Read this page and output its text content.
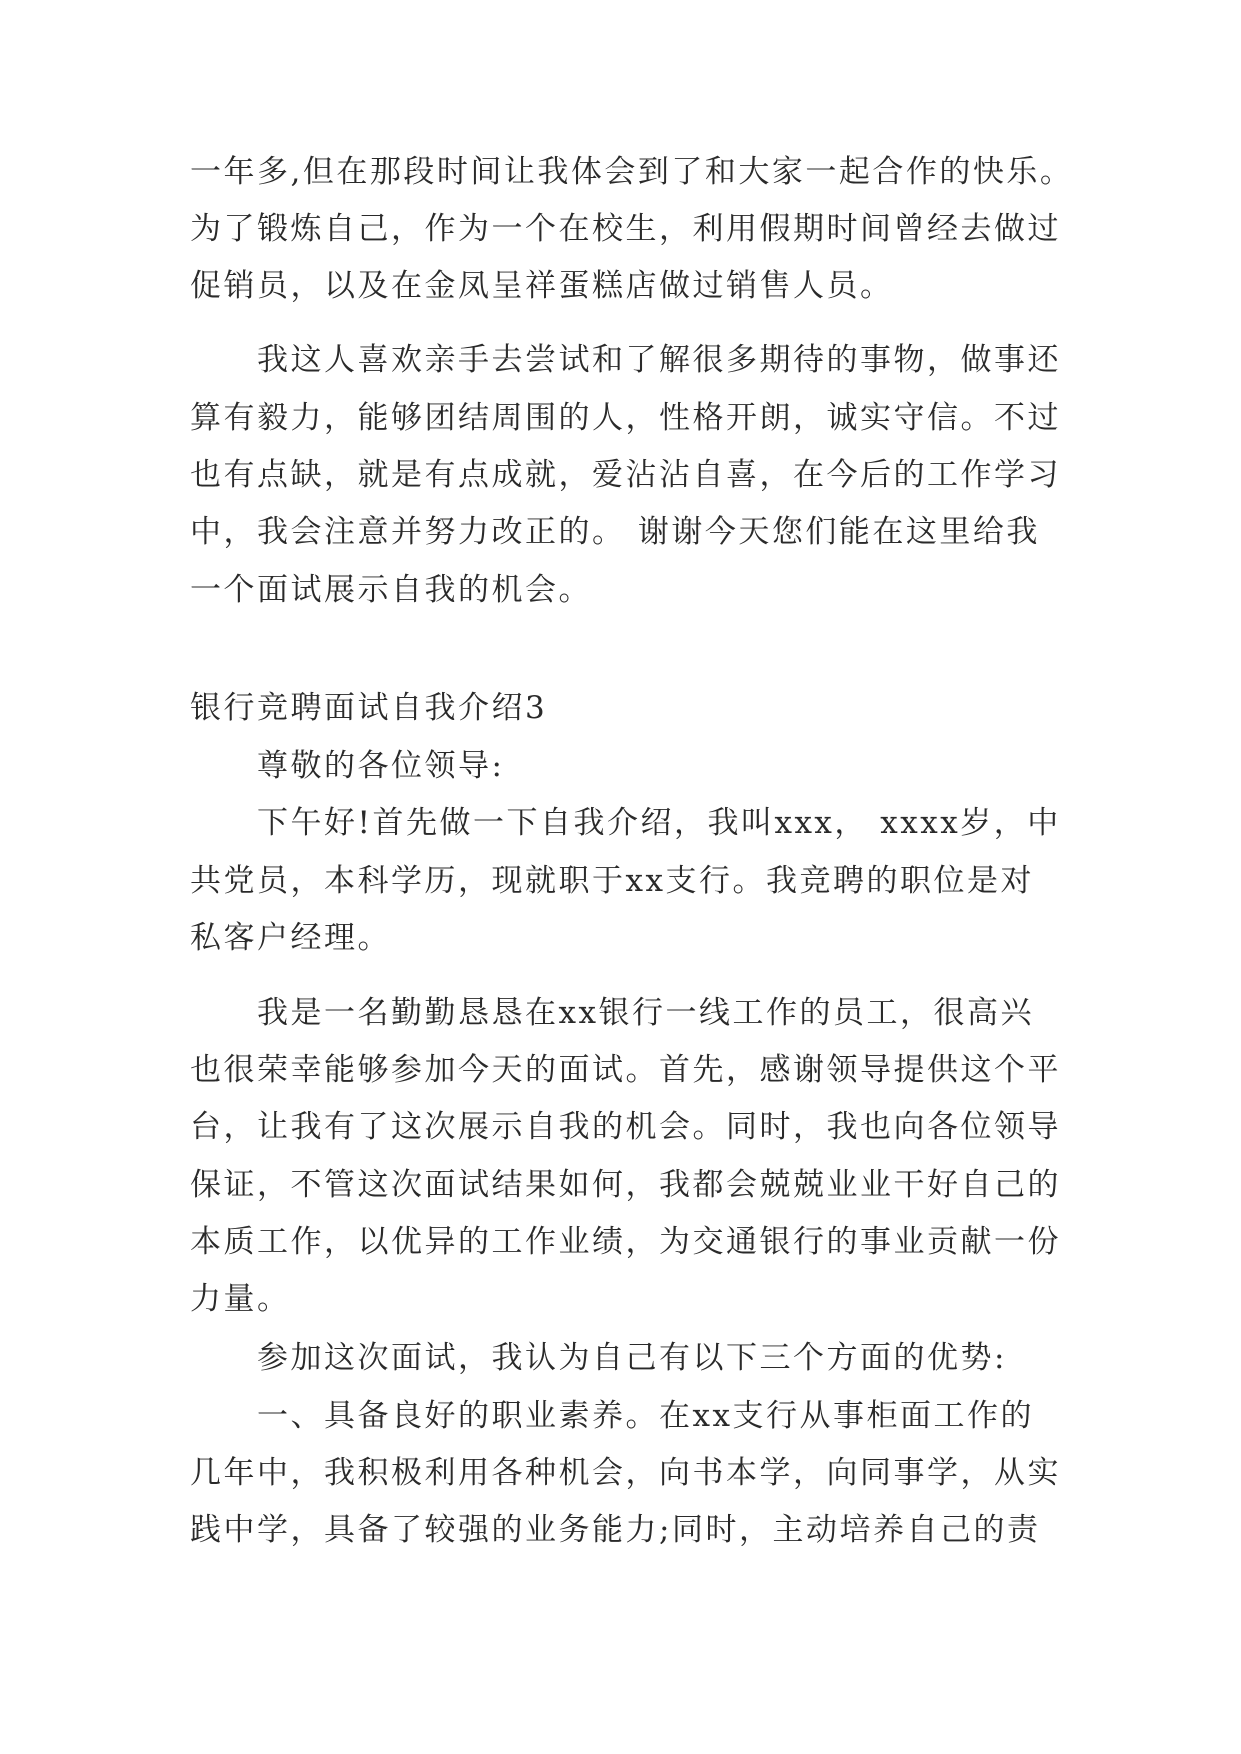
一年多,但在那段时间让我体会到了和大家一起合作的快乐。
为了锻炼自己，作为一个在校生，利用假期时间曾经去做过
促销员，以及在金凤呈祥蛋糕店做过销售人员。
我这人喜欢亲手去尝试和了解很多期待的事物，做事还
算有毅力，能够团结周围的人，性格开朗，诚实守信。不过
也有点缺，就是有点成就，爱沾沾自喜，在今后的工作学习
中，我会注意并努力改正的。 谢谢今天您们能在这里给我
一个面试展示自我的机会。
银行竞聘面试自我介绍3
尊敬的各位领导:
下午好!首先做一下自我介绍，我叫xxx， xxxx岁，中
共党员，本科学历，现就职于xx支行。我竞聘的职位是对
私客户经理。
我是一名勤勤恳恳在xx银行一线工作的员工，很高兴
也很荣幸能够参加今天的面试。首先，感谢领导提供这个平
台，让我有了这次展示自我的机会。同时，我也向各位领导
保证，不管这次面试结果如何，我都会兢兢业业干好自己的
本质工作，以优异的工作业绩，为交通银行的事业贡献一份
力量。
参加这次面试，我认为自己有以下三个方面的优势:
一、具备良好的职业素养。在xx支行从事柜面工作的
几年中，我积极利用各种机会，向书本学，向同事学，从实
践中学，具备了较强的业务能力;同时，主动培养自己的责
